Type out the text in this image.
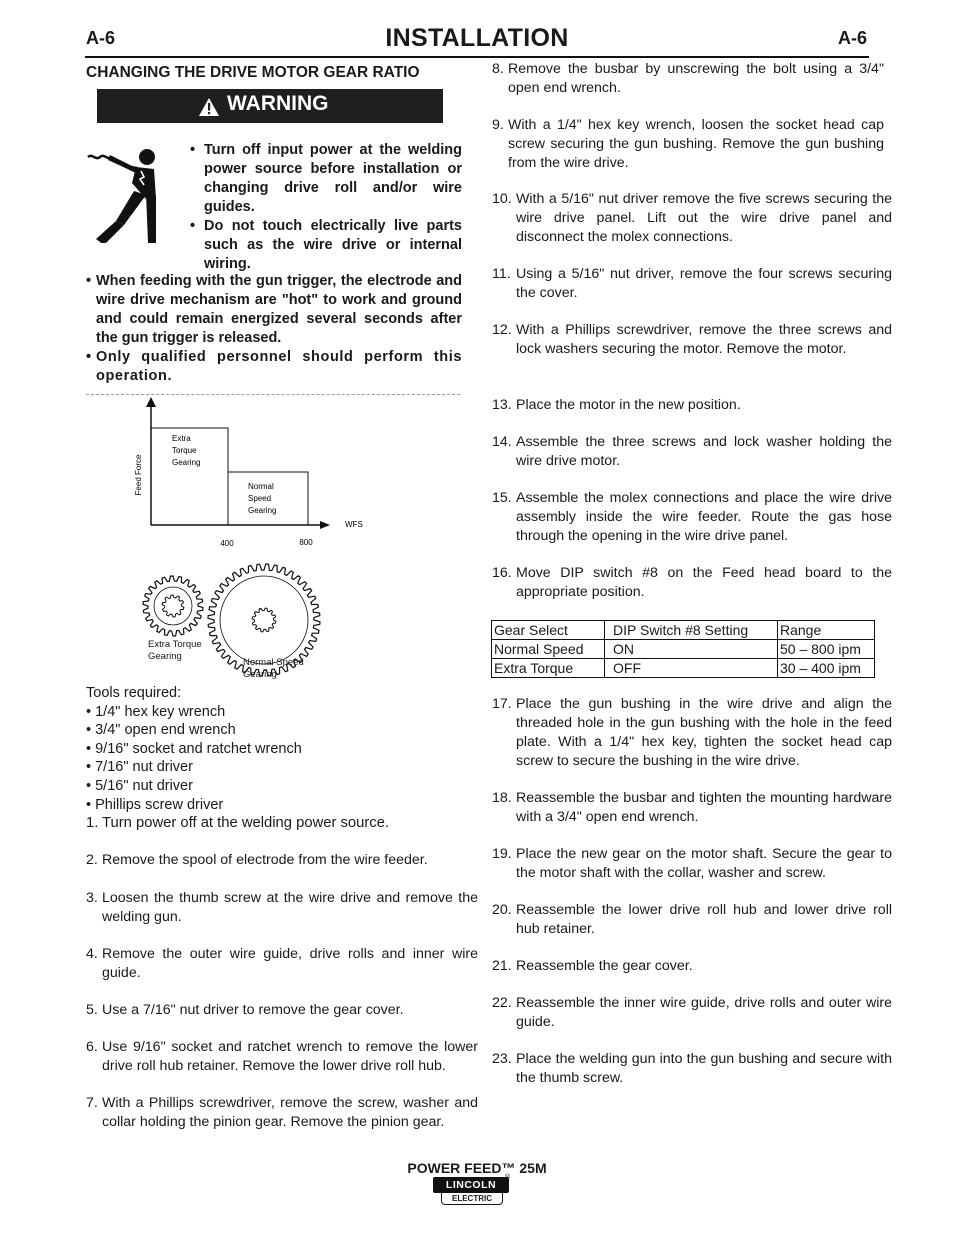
A-6	INSTALLATION	A-6
CHANGING THE DRIVE MOTOR GEAR RATIO
WARNING
• Turn off input power at the welding power source before installation or changing drive roll and/or wire guides.
• Do not touch electrically live parts such as the wire drive or internal wiring.
• When feeding with the gun trigger, the electrode and wire drive mechanism are "hot" to work and ground and could remain energized several seconds after the gun trigger is released.
• Only qualified personnel should perform this operation.
Feed Force
WFS
400	800
Extra Torque Gearing
Normal Speed Gearing
Extra Torque
Gearing
Normal Speed
Gearing
Tools required:
• 1/4" hex key wrench
• 3/4" open end wrench
• 9/16" socket and ratchet wrench
• 7/16" nut driver
• 5/16" nut driver
• Phillips screw driver
1. Turn power off at the welding power source.
2. Remove the spool of electrode from the wire feeder.
3. Loosen the thumb screw at the wire drive and remove the welding gun.
4. Remove the outer wire guide, drive rolls and inner wire guide.
5. Use a 7/16" nut driver to remove the gear cover.
6. Use 9/16" socket and ratchet wrench to remove the lower drive roll hub retainer. Remove the lower drive roll hub.
7. With a Phillips screwdriver, remove the screw, washer and collar holding the pinion gear. Remove the pinion gear.
8. Remove the busbar by unscrewing the bolt using a 3/4" open end wrench.
9. With a 1/4" hex key wrench, loosen the socket head cap screw securing the gun bushing. Remove the gun bushing from the wire drive.
10. With a 5/16" nut driver remove the five screws securing the wire drive panel. Lift out the wire drive panel and disconnect the molex connections.
11. Using a 5/16" nut driver, remove the four screws securing the cover.
12. With a Phillips screwdriver, remove the three screws and lock washers securing the motor. Remove the motor.
13. Place the motor in the new position.
14. Assemble the three screws and lock washer holding the wire drive motor.
15. Assemble the molex connections and place the wire drive assembly inside the wire feeder. Route the gas hose through the opening in the wire drive panel.
16. Move DIP switch #8 on the Feed head board to the appropriate position.
17. Place the gun bushing in the wire drive and align the threaded hole in the gun bushing with the hole in the feed plate. With a 1/4" hex key, tighten the socket head cap screw to secure the bushing in the wire drive.
18. Reassemble the busbar and tighten the mounting hardware with a 3/4" open end wrench.
19. Place the new gear on the motor shaft. Secure the gear to the motor shaft with the collar, washer and screw.
20. Reassemble the lower drive roll hub and lower drive roll hub retainer.
21. Reassemble the gear cover.
22. Reassemble the inner wire guide, drive rolls and outer wire guide.
23. Place the welding gun into the gun bushing and secure with the thumb screw.
Gear Select	DIP Switch #8 Setting	Range
Normal Speed	ON	50 – 800 ipm
Extra Torque	OFF	30 – 400 ipm
POWER FEED™ 25M
LINCOLN
ELECTRIC
®
